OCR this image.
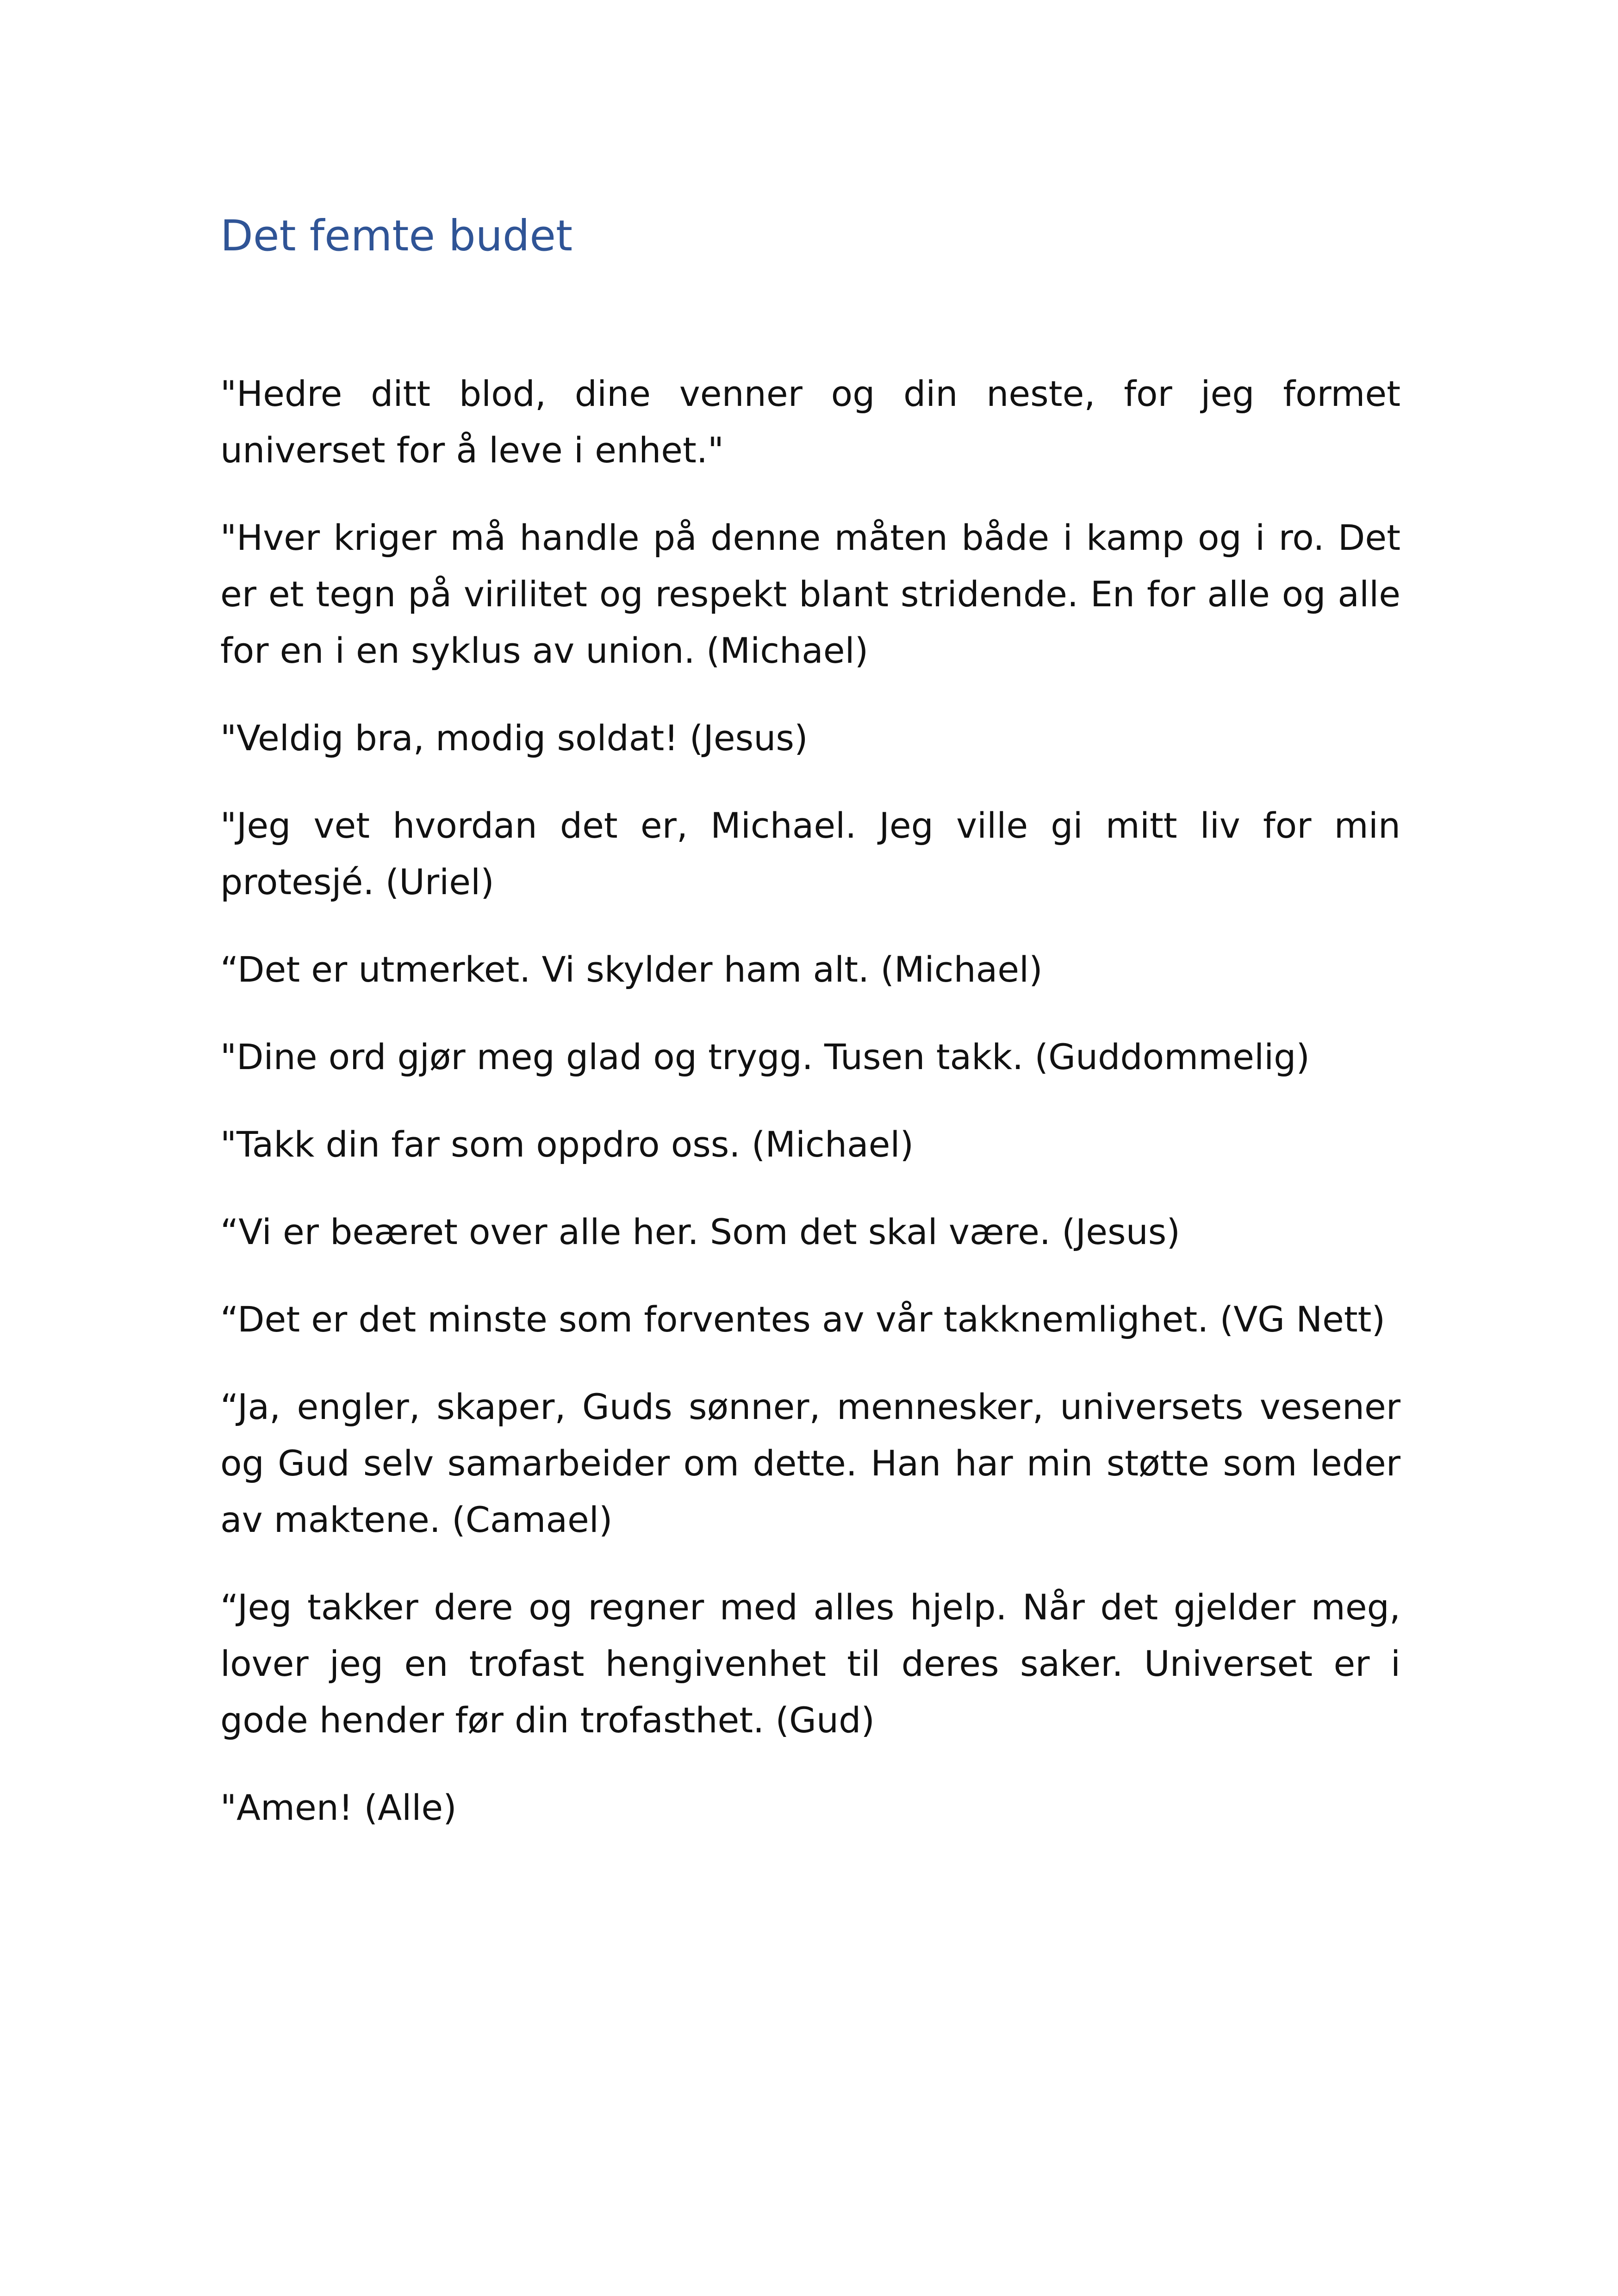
Det femte budet

"Hedre ditt blod, dine venner og din neste, for jeg formet universet for å leve i enhet."

"Hver kriger må handle på denne måten både i kamp og i ro. Det er et tegn på virilitet og respekt blant stridende. En for alle og alle for en i en syklus av union. (Michael)

"Veldig bra, modig soldat! (Jesus)

"Jeg vet hvordan det er, Michael. Jeg ville gi mitt liv for min protesjé. (Uriel)

“Det er utmerket. Vi skylder ham alt. (Michael)

"Dine ord gjør meg glad og trygg. Tusen takk. (Guddommelig)

"Takk din far som oppdro oss. (Michael)

“Vi er beæret over alle her. Som det skal være. (Jesus)

“Det er det minste som forventes av vår takknemlighet. (VG Nett)

“Ja, engler, skaper, Guds sønner, mennesker, universets vesener og Gud selv samarbeider om dette. Han har min støtte som leder av maktene. (Camael)

“Jeg takker dere og regner med alles hjelp. Når det gjelder meg, lover jeg en trofast hengivenhet til deres saker. Universet er i gode hender før din trofasthet. (Gud)

"Amen! (Alle)
